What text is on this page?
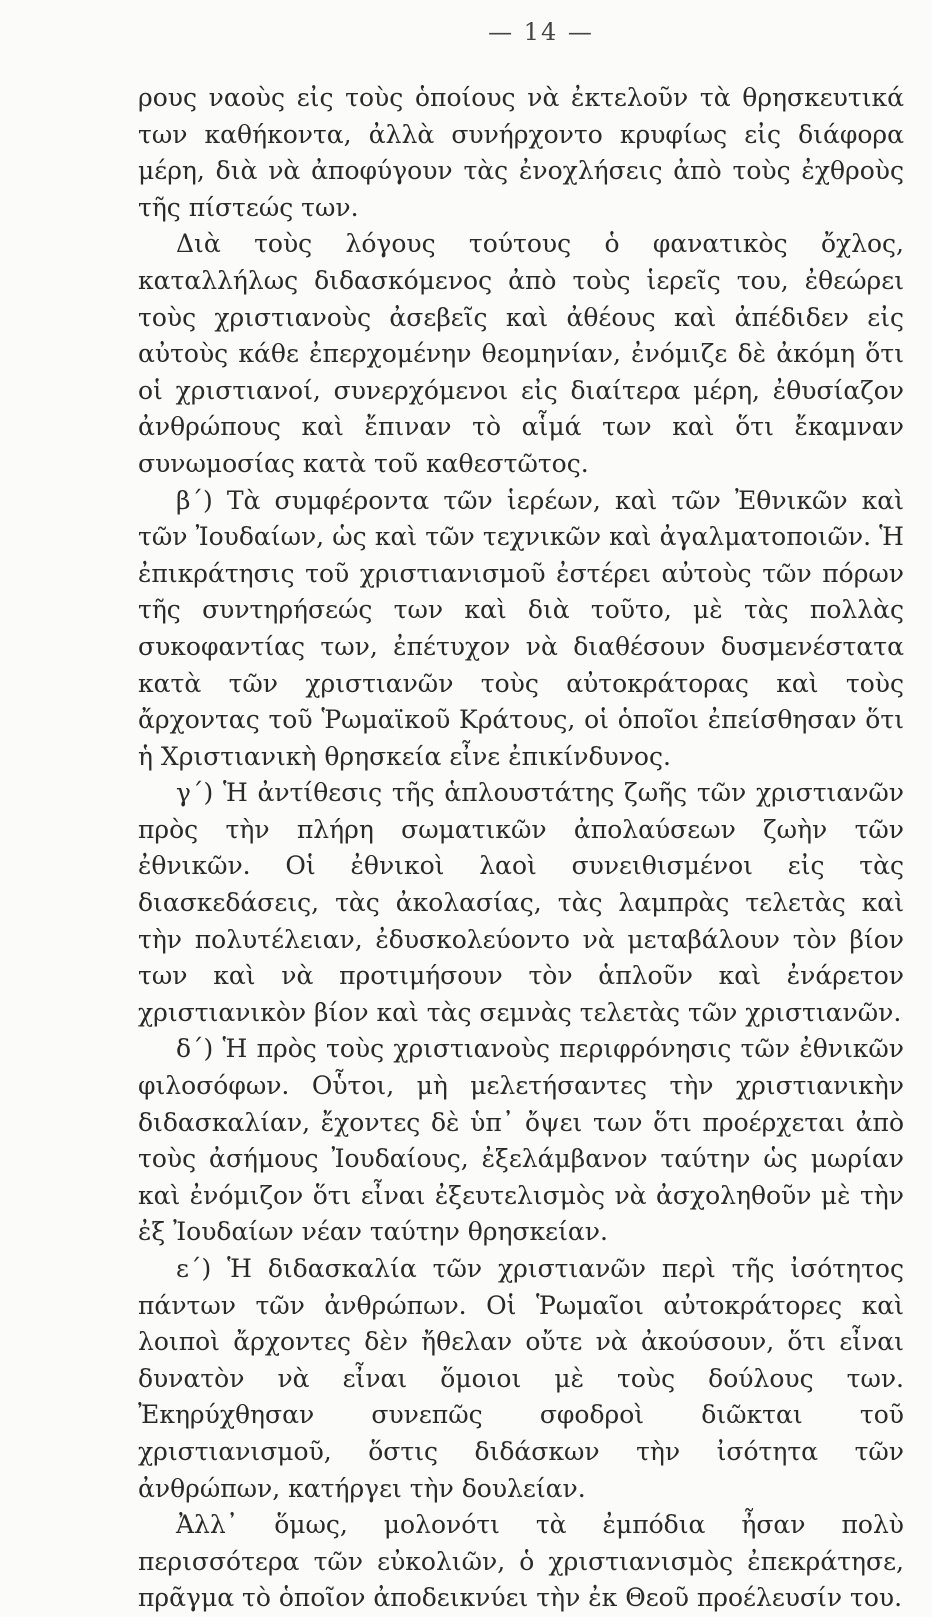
— 14 —

ρους ναοὺς εἰς τοὺς ὁποίους νὰ ἐκτελοῦν τὰ θρησκευτικά των καθήκοντα, ἀλλὰ συνήρχοντο κρυφίως εἰς διάφορα μέρη, διὰ νὰ ἀποφύγουν τὰς ἐνοχλήσεις ἀπὸ τοὺς ἐχθροὺς τῆς πίστεώς των.

Διὰ τοὺς λόγους τούτους ὁ φανατικὸς ὄχλος, καταλλήλως διδασκόμενος ἀπὸ τοὺς ἱερεῖς του, ἐθεώρει τοὺς χριστιανοὺς ἀσεβεῖς καὶ ἀθέους καὶ ἀπέδιδεν εἰς αὐτοὺς κάθε ἐπερχομένην θεομηνίαν, ἐνόμιζε δὲ ἀκόμη ὅτι οἱ χριστιανοί, συνερχόμενοι εἰς διαίτερα μέρη, ἐθυσίαζον ἀνθρώπους καὶ ἔπιναν τὸ αἷμά των καὶ ὅτι ἔκαμναν συνωμοσίας κατὰ τοῦ καθεστῶτος.

β΄) Τὰ συμφέροντα τῶν ἱερέων, καὶ τῶν Ἐθνικῶν καὶ τῶν Ἰουδαίων, ὡς καὶ τῶν τεχνικῶν καὶ ἀγαλματοποιῶν. Ἡ ἐπικράτησις τοῦ χριστιανισμοῦ ἐστέρει αὐτοὺς τῶν πόρων τῆς συντηρήσεώς των καὶ διὰ τοῦτο, μὲ τὰς πολλὰς συκοφαντίας των, ἐπέτυχον νὰ διαθέσουν δυσμενέστατα κατὰ τῶν χριστιανῶν τοὺς αὐτοκράτορας καὶ τοὺς ἄρχοντας τοῦ Ῥωμαϊκοῦ Κράτους, οἱ ὁποῖοι ἐπείσθησαν ὅτι ἡ Χριστιανικὴ θρησκεία εἶνε ἐπικίνδυνος.

γ΄) Ἡ ἀντίθεσις τῆς ἁπλουστάτης ζωῆς τῶν χριστιανῶν πρὸς τὴν πλήρη σωματικῶν ἀπολαύσεων ζωὴν τῶν ἐθνικῶν. Οἱ ἐθνικοὶ λαοὶ συνειθισμένοι εἰς τὰς διασκεδάσεις, τὰς ἀκολασίας, τὰς λαμπρὰς τελετὰς καὶ τὴν πολυτέλειαν, ἐδυσκολεύοντο νὰ μεταβάλουν τὸν βίον των καὶ νὰ προτιμήσουν τὸν ἁπλοῦν καὶ ἐνάρετον χριστιανικὸν βίον καὶ τὰς σεμνὰς τελετὰς τῶν χριστιανῶν.

δ΄) Ἡ πρὸς τοὺς χριστιανοὺς περιφρόνησις τῶν ἐθνικῶν φιλοσόφων. Οὗτοι, μὴ μελετήσαντες τὴν χριστιανικὴν διδασκαλίαν, ἔχοντες δὲ ὑπ᾿ ὄψει των ὅτι προέρχεται ἀπὸ τοὺς ἀσήμους Ἰουδαίους, ἐξελάμβανον ταύτην ὡς μωρίαν καὶ ἐνόμιζον ὅτι εἶναι ἐξευτελισμὸς νὰ ἀσχοληθοῦν μὲ τὴν ἐξ Ἰουδαίων νέαν ταύτην θρησκείαν.

ε΄) Ἡ διδασκαλία τῶν χριστιανῶν περὶ τῆς ἰσότητος πάντων τῶν ἀνθρώπων. Οἱ Ῥωμαῖοι αὐτοκράτορες καὶ λοιποὶ ἄρχοντες δὲν ἤθελαν οὔτε νὰ ἀκούσουν, ὅτι εἶναι δυνατὸν νὰ εἶναι ὅμοιοι μὲ τοὺς δούλους των. Ἐκηρύχθησαν συνεπῶς σφοδροὶ διῶκται τοῦ χριστιανισμοῦ, ὅστις διδάσκων τὴν ἰσότητα τῶν ἀνθρώπων, κατήργει τὴν δουλείαν.

Ἀλλ᾿ ὅμως, μολονότι τὰ ἐμπόδια ἦσαν πολὺ περισσότερα τῶν εὐκολιῶν, ὁ χριστιανισμὸς ἐπεκράτησε, πρᾶγμα τὸ ὁποῖον ἀποδεικνύει τὴν ἐκ Θεοῦ προέλευσίν του.
